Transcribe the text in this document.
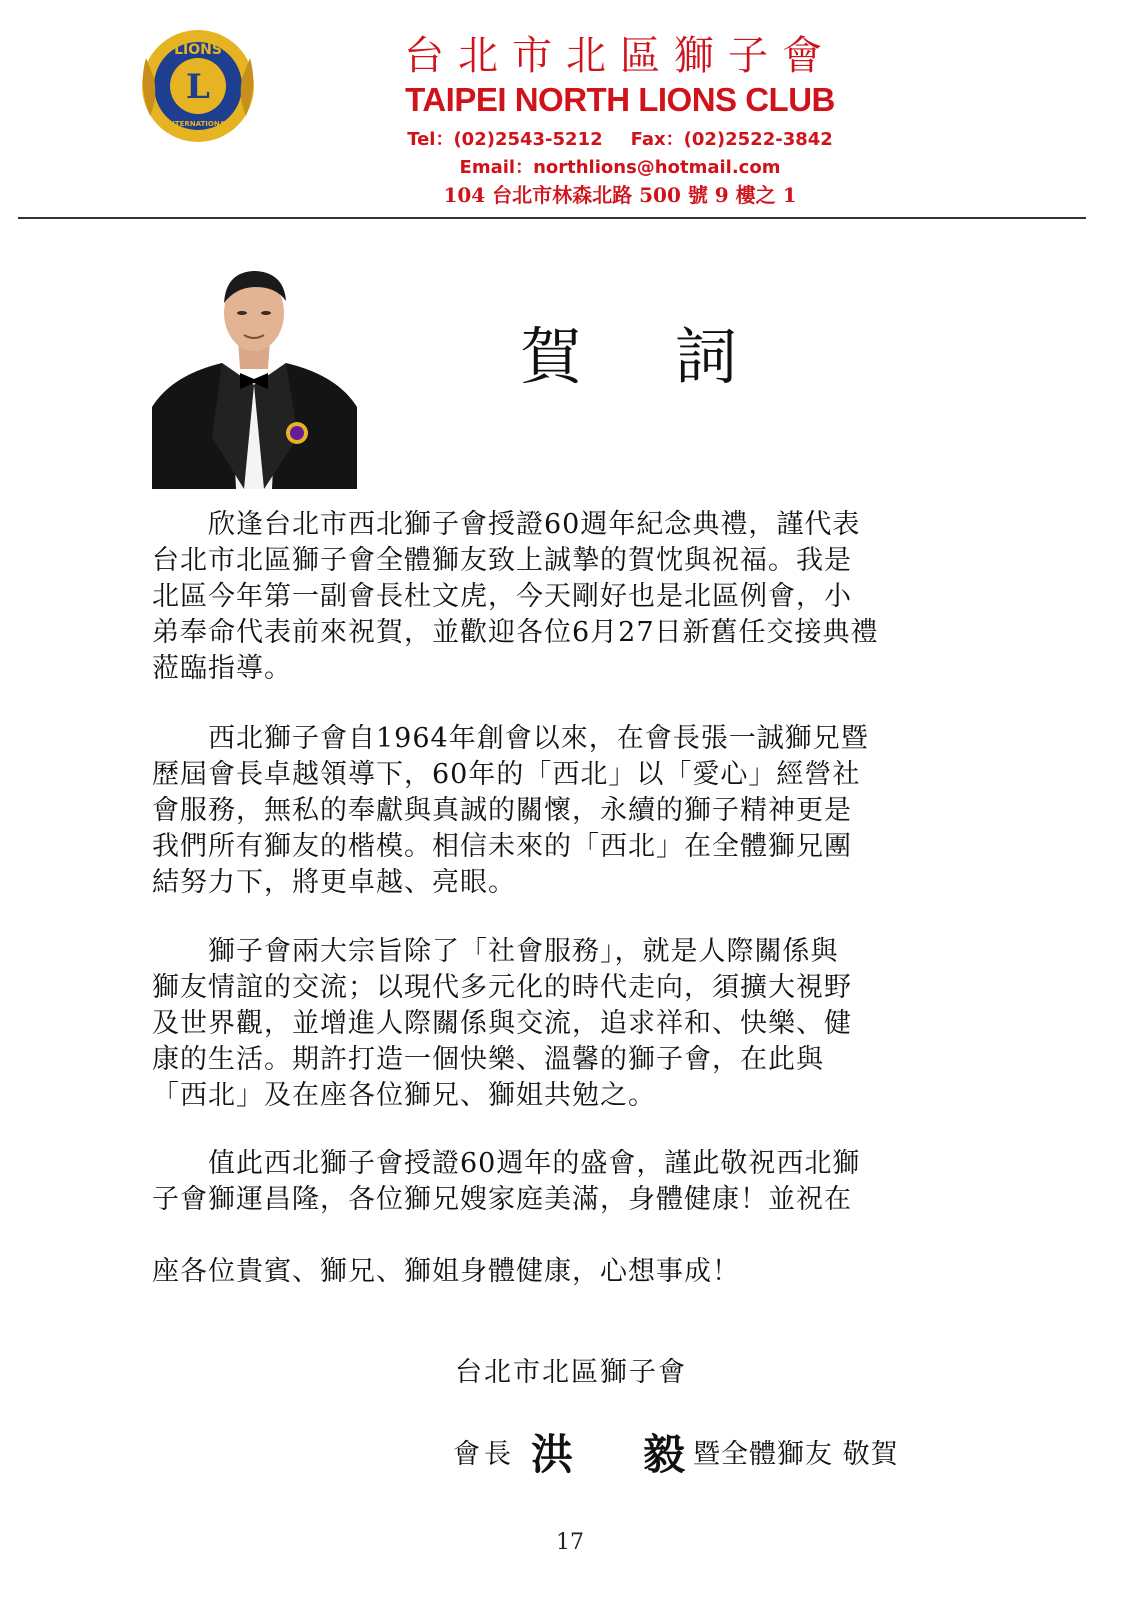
LIONS
INTERNATIONAL
L
台北市北區獅子會
TAIPEI NORTH LIONS CLUB
Tel：(02)2543-5212 Fax：(02)2522-3842
Email：northlions@hotmail.com
104 台北市林森北路 500 號 9 樓之 1
賀 詞
　　欣逢台北市西北獅子會授證60週年紀念典禮，謹代表
台北市北區獅子會全體獅友致上誠摯的賀忱與祝福。我是
北區今年第一副會長杜文虎，今天剛好也是北區例會，小
弟奉命代表前來祝賀，並歡迎各位6月27日新舊任交接典禮
蒞臨指導。
　　西北獅子會自1964年創會以來，在會長張一誠獅兄暨
歷屆會長卓越領導下，60年的「西北」以「愛心」經營社
會服務，無私的奉獻與真誠的關懷，永續的獅子精神更是
我們所有獅友的楷模。相信未來的「西北」在全體獅兄團
結努力下，將更卓越、亮眼。
　　獅子會兩大宗旨除了「社會服務」，就是人際關係與
獅友情誼的交流；以現代多元化的時代走向，須擴大視野
及世界觀，並增進人際關係與交流，追求祥和、快樂、健
康的生活。期許打造一個快樂、溫馨的獅子會，在此與
「西北」及在座各位獅兄、獅姐共勉之。
　　值此西北獅子會授證60週年的盛會，謹此敬祝西北獅
子會獅運昌隆，各位獅兄嫂家庭美滿，身體健康！並祝在
座各位貴賓、獅兄、獅姐身體健康，心想事成！
台北市北區獅子會
會長 洪 毅 暨全體獅友 敬賀
17
